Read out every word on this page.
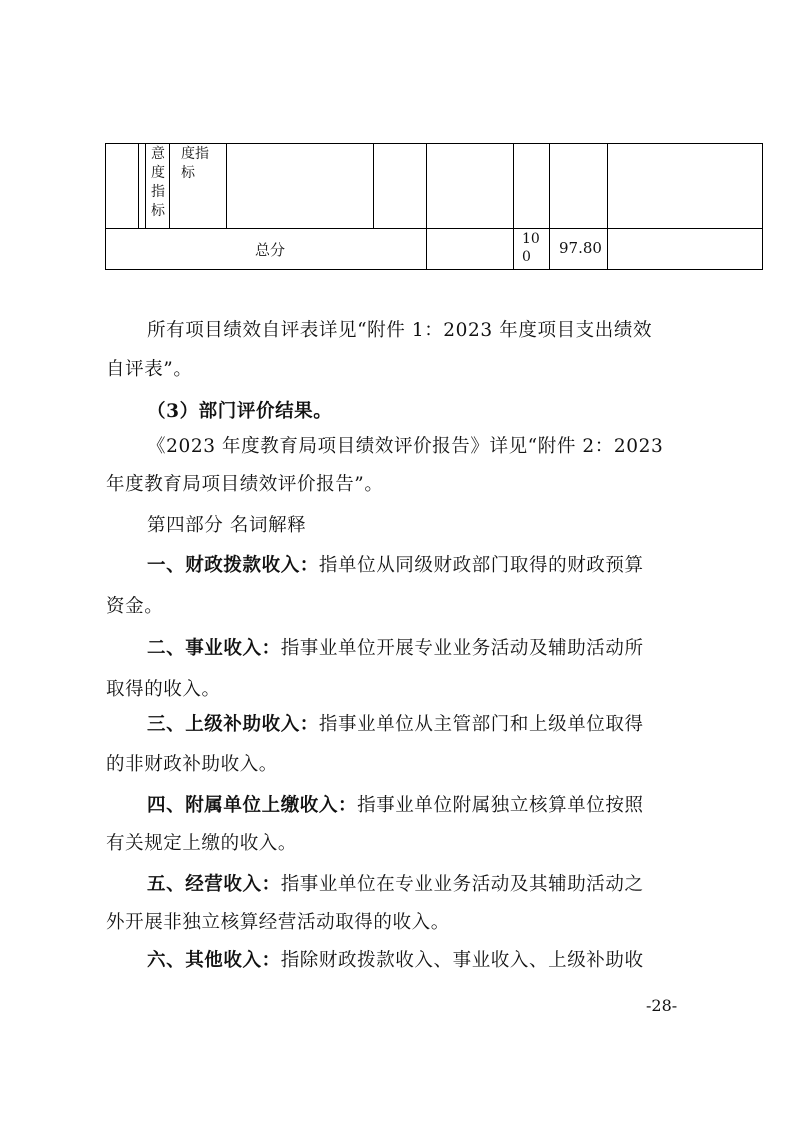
意
度
指
标
度指
标
总分
10
0	97.80
所有项目绩效自评表详见“附件 1：2023 年度项目支出绩效
自评表”。
（3）部门评价结果。
《2023 年度教育局项目绩效评价报告》详见“附件 2：2023
年度教育局项目绩效评价报告”。
第四部分 名词解释
一、财政拨款收入：指单位从同级财政部门取得的财政预算
资金。
二、事业收入：指事业单位开展专业业务活动及辅助活动所
取得的收入。
三、上级补助收入：指事业单位从主管部门和上级单位取得
的非财政补助收入。
四、附属单位上缴收入：指事业单位附属独立核算单位按照
有关规定上缴的收入。
五、经营收入：指事业单位在专业业务活动及其辅助活动之
外开展非独立核算经营活动取得的收入。
六、其他收入：指除财政拨款收入、事业收入、上级补助收
-28-
